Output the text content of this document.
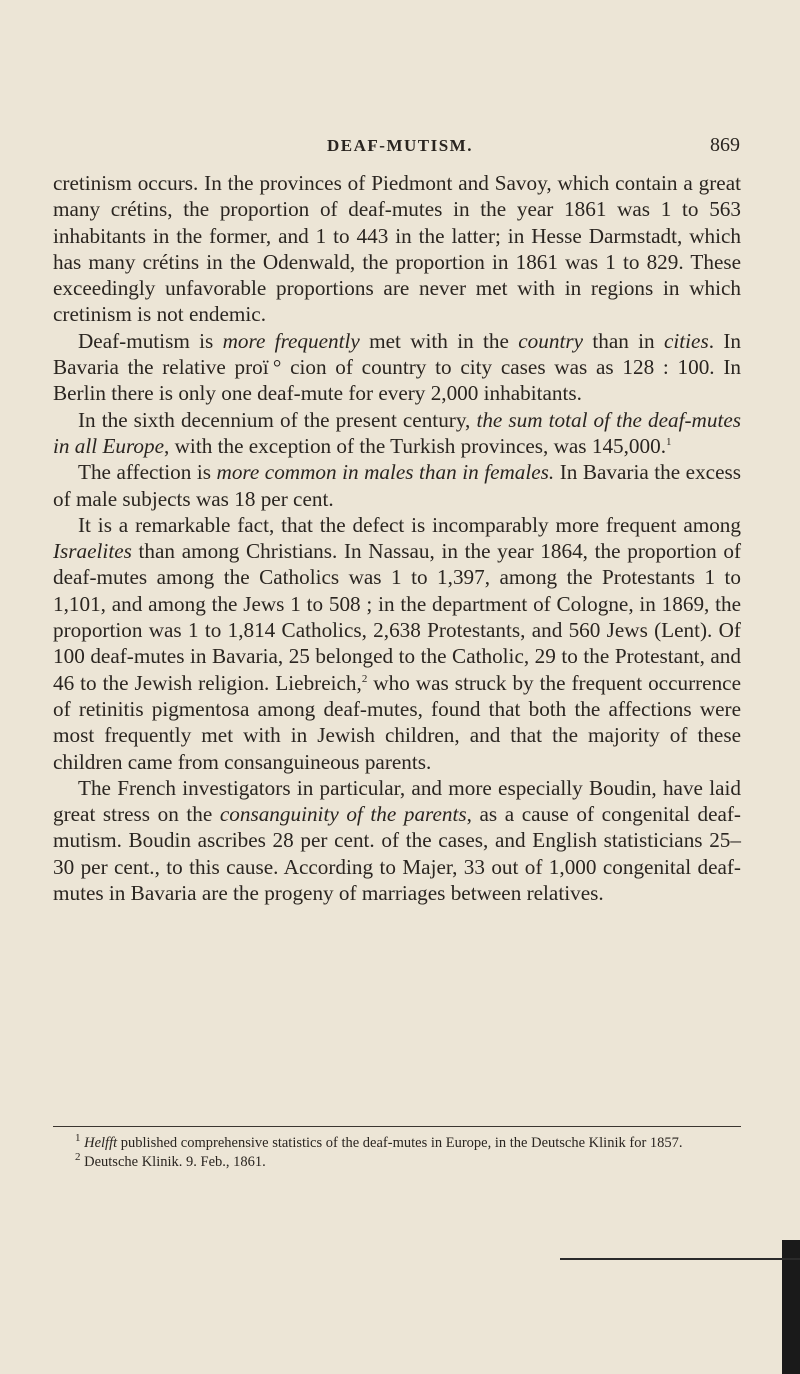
DEAF-MUTISM.	869

cretinism occurs. In the provinces of Piedmont and Savoy, which contain a great many crétins, the proportion of deaf-mutes in the year 1861 was 1 to 563 inhabitants in the former, and 1 to 443 in the latter; in Hesse Darmstadt, which has many crétins in the Odenwald, the proportion in 1861 was 1 to 829. These exceedingly unfavorable proportions are never met with in regions in which cretinism is not endemic.

Deaf-mutism is more frequently met with in the country than in cities. In Bavaria the relative proї ° cion of country to city cases was as 128 : 100. In Berlin there is only one deaf-mute for every 2,000 inhabitants.

In the sixth decennium of the present century, the sum total of the deaf-mutes in all Europe, with the exception of the Turkish provinces, was 145,000.$^1$

The affection is more common in males than in females. In Bavaria the excess of male subjects was 18 per cent.

It is a remarkable fact, that the defect is incomparably more frequent among Israelites than among Christians. In Nassau, in the year 1864, the proportion of deaf-mutes among the Catholics was 1 to 1,397, among the Protestants 1 to 1,101, and among the Jews 1 to 508 ; in the department of Cologne, in 1869, the proportion was 1 to 1,814 Catholics, 2,638 Protestants, and 560 Jews (Lent). Of 100 deaf-mutes in Bavaria, 25 belonged to the Catholic, 29 to the Protestant, and 46 to the Jewish religion. Liebreich,$^2$ who was struck by the frequent occurrence of retinitis pigmentosa among deaf-mutes, found that both the affections were most frequently met with in Jewish children, and that the majority of these children came from consanguineous parents.

The French investigators in particular, and more especially Boudin, have laid great stress on the consanguinity of the parents, as a cause of congenital deaf-mutism. Boudin ascribes 28 per cent. of the cases, and English statisticians 25–30 per cent., to this cause. According to Majer, 33 out of 1,000 congenital deaf-mutes in Bavaria are the progeny of marriages between relatives.

$^1$ Helfft published comprehensive statistics of the deaf-mutes in Europe, in the Deutsche Klinik for 1857.

$^2$ Deutsche Klinik. 9. Feb., 1861.
